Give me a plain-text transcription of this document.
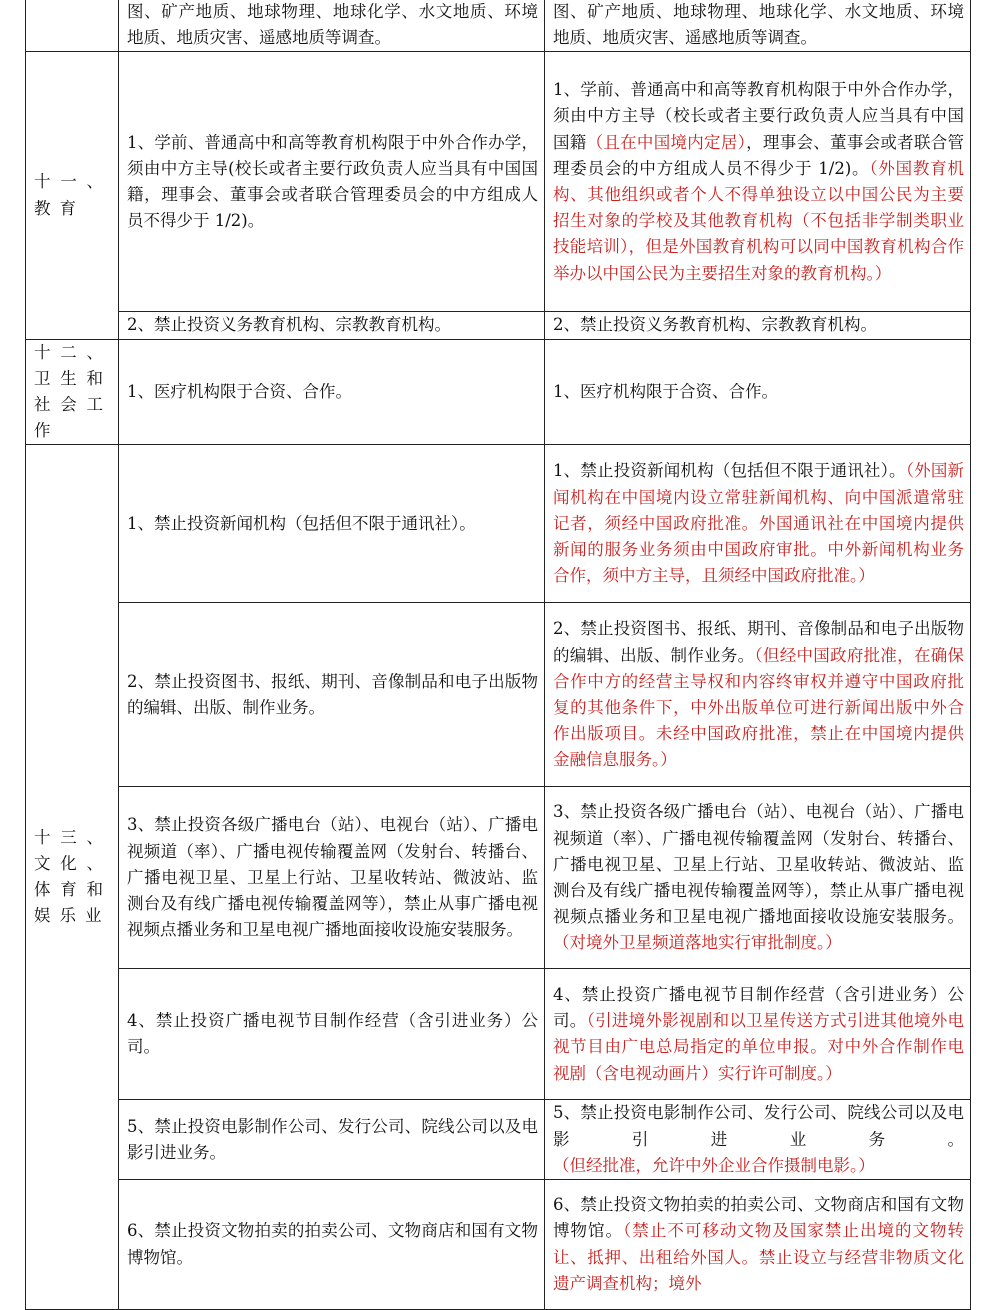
	图、矿产地质、地球物理、地球化学、水文地质、环境地质、地质灾害、遥感地质等调查。	图、矿产地质、地球物理、地球化学、水文地质、环境地质、地质灾害、遥感地质等调查。
十一、教育	1、学前、普通高中和高等教育机构限于中外合作办学，须由中方主导(校长或者主要行政负责人应当具有中国国籍，理事会、董事会或者联合管理委员会的中方组成人员不得少于 1/2)。	1、学前、普通高中和高等教育机构限于中外合作办学，须由中方主导（校长或者主要行政负责人应当具有中国国籍（且在中国境内定居），理事会、董事会或者联合管理委员会的中方组成人员不得少于 1/2)。（外国教育机构、其他组织或者个人不得单独设立以中国公民为主要招生对象的学校及其他教育机构（不包括非学制类职业技能培训），但是外国教育机构可以同中国教育机构合作举办以中国公民为主要招生对象的教育机构。）
	2、禁止投资义务教育机构、宗教教育机构。	2、禁止投资义务教育机构、宗教教育机构。
十二、卫生和社会工作	1、医疗机构限于合资、合作。	1、医疗机构限于合资、合作。
十三、文化、体育和娱乐业	1、禁止投资新闻机构（包括但不限于通讯社）。	1、禁止投资新闻机构（包括但不限于通讯社）。（外国新闻机构在中国境内设立常驻新闻机构、向中国派遣常驻记者，须经中国政府批准。外国通讯社在中国境内提供新闻的服务业务须由中国政府审批。中外新闻机构业务合作，须中方主导，且须经中国政府批准。）
	2、禁止投资图书、报纸、期刊、音像制品和电子出版物的编辑、出版、制作业务。	2、禁止投资图书、报纸、期刊、音像制品和电子出版物的编辑、出版、制作业务。（但经中国政府批准，在确保合作中方的经营主导权和内容终审权并遵守中国政府批复的其他条件下，中外出版单位可进行新闻出版中外合作出版项目。未经中国政府批准，禁止在中国境内提供金融信息服务。）
	3、禁止投资各级广播电台（站）、电视台（站）、广播电视频道（率）、广播电视传输覆盖网（发射台、转播台、广播电视卫星、卫星上行站、卫星收转站、微波站、监测台及有线广播电视传输覆盖网等），禁止从事广播电视视频点播业务和卫星电视广播地面接收设施安装服务。	3、禁止投资各级广播电台（站）、电视台（站）、广播电视频道（率）、广播电视传输覆盖网（发射台、转播台、广播电视卫星、卫星上行站、卫星收转站、微波站、监测台及有线广播电视传输覆盖网等），禁止从事广播电视视频点播业务和卫星电视广播地面接收设施安装服务。（对境外卫星频道落地实行审批制度。）
	4、禁止投资广播电视节目制作经营（含引进业务）公司。	4、禁止投资广播电视节目制作经营（含引进业务）公司。（引进境外影视剧和以卫星传送方式引进其他境外电视节目由广电总局指定的单位申报。对中外合作制作电视剧（含电视动画片）实行许可制度。）
	5、禁止投资电影制作公司、发行公司、院线公司以及电影引进业务。	5、禁止投资电影制作公司、发行公司、院线公司以及电影引进业务。（但经批准，允许中外企业合作摄制电影。）
	6、禁止投资文物拍卖的拍卖公司、文物商店和国有文物博物馆。	6、禁止投资文物拍卖的拍卖公司、文物商店和国有文物博物馆。（禁止不可移动文物及国家禁止出境的文物转让、抵押、出租给外国人。禁止设立与经营非物质文化遗产调查机构；境外
